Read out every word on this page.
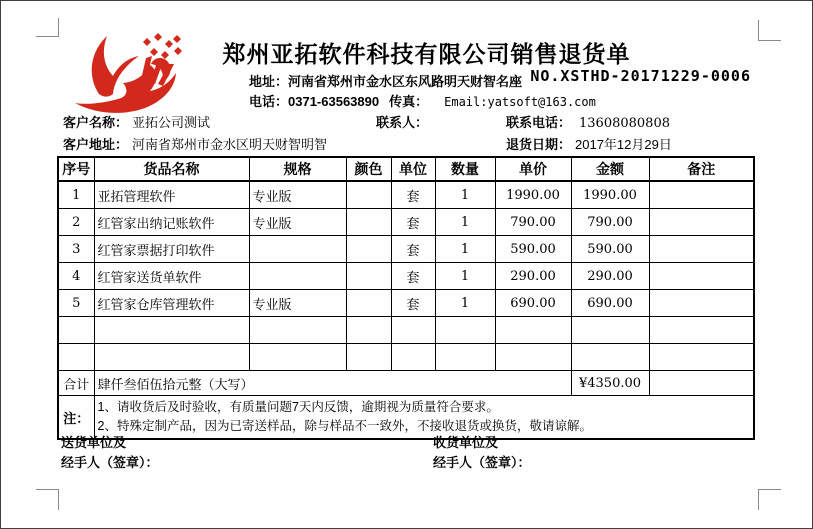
郑州亚拓软件科技有限公司销售退货单
地址：河南省郑州市金水区东风路明天财智名座 NO.XSTHD-20171229-0006
电话：0371-63563890 传真： Email:yatsoft@163.com
客户名称： 亚拓公司测试	联系人：	联系电话： 13608080808
客户地址： 河南省郑州市金水区明天财智明智	退货日期： 2017年12月29日
序号	货品名称	规格	颜色	单位	数量	单价	金额	备注
1	亚拓管理软件	专业版		套	1	1990.00	1990.00	
2	红管家出纳记账软件	专业版		套	1	790.00	790.00	
3	红管家票据打印软件			套	1	590.00	590.00	
4	红管家送货单软件			套	1	290.00	290.00	
5	红管家仓库管理软件	专业版		套	1	690.00	690.00	

合计	肆仟叁佰伍拾元整（大写）						¥4350.00	
注：	1、请收货后及时验收，有质量问题7天内反馈，逾期视为质量符合要求。
2、特殊定制产品，因为已寄送样品，除与样品不一致外，不接收退货或换货，敬请谅解。							
送货单位及
经手人（签章）：
收货单位及
经手人（签章）：
